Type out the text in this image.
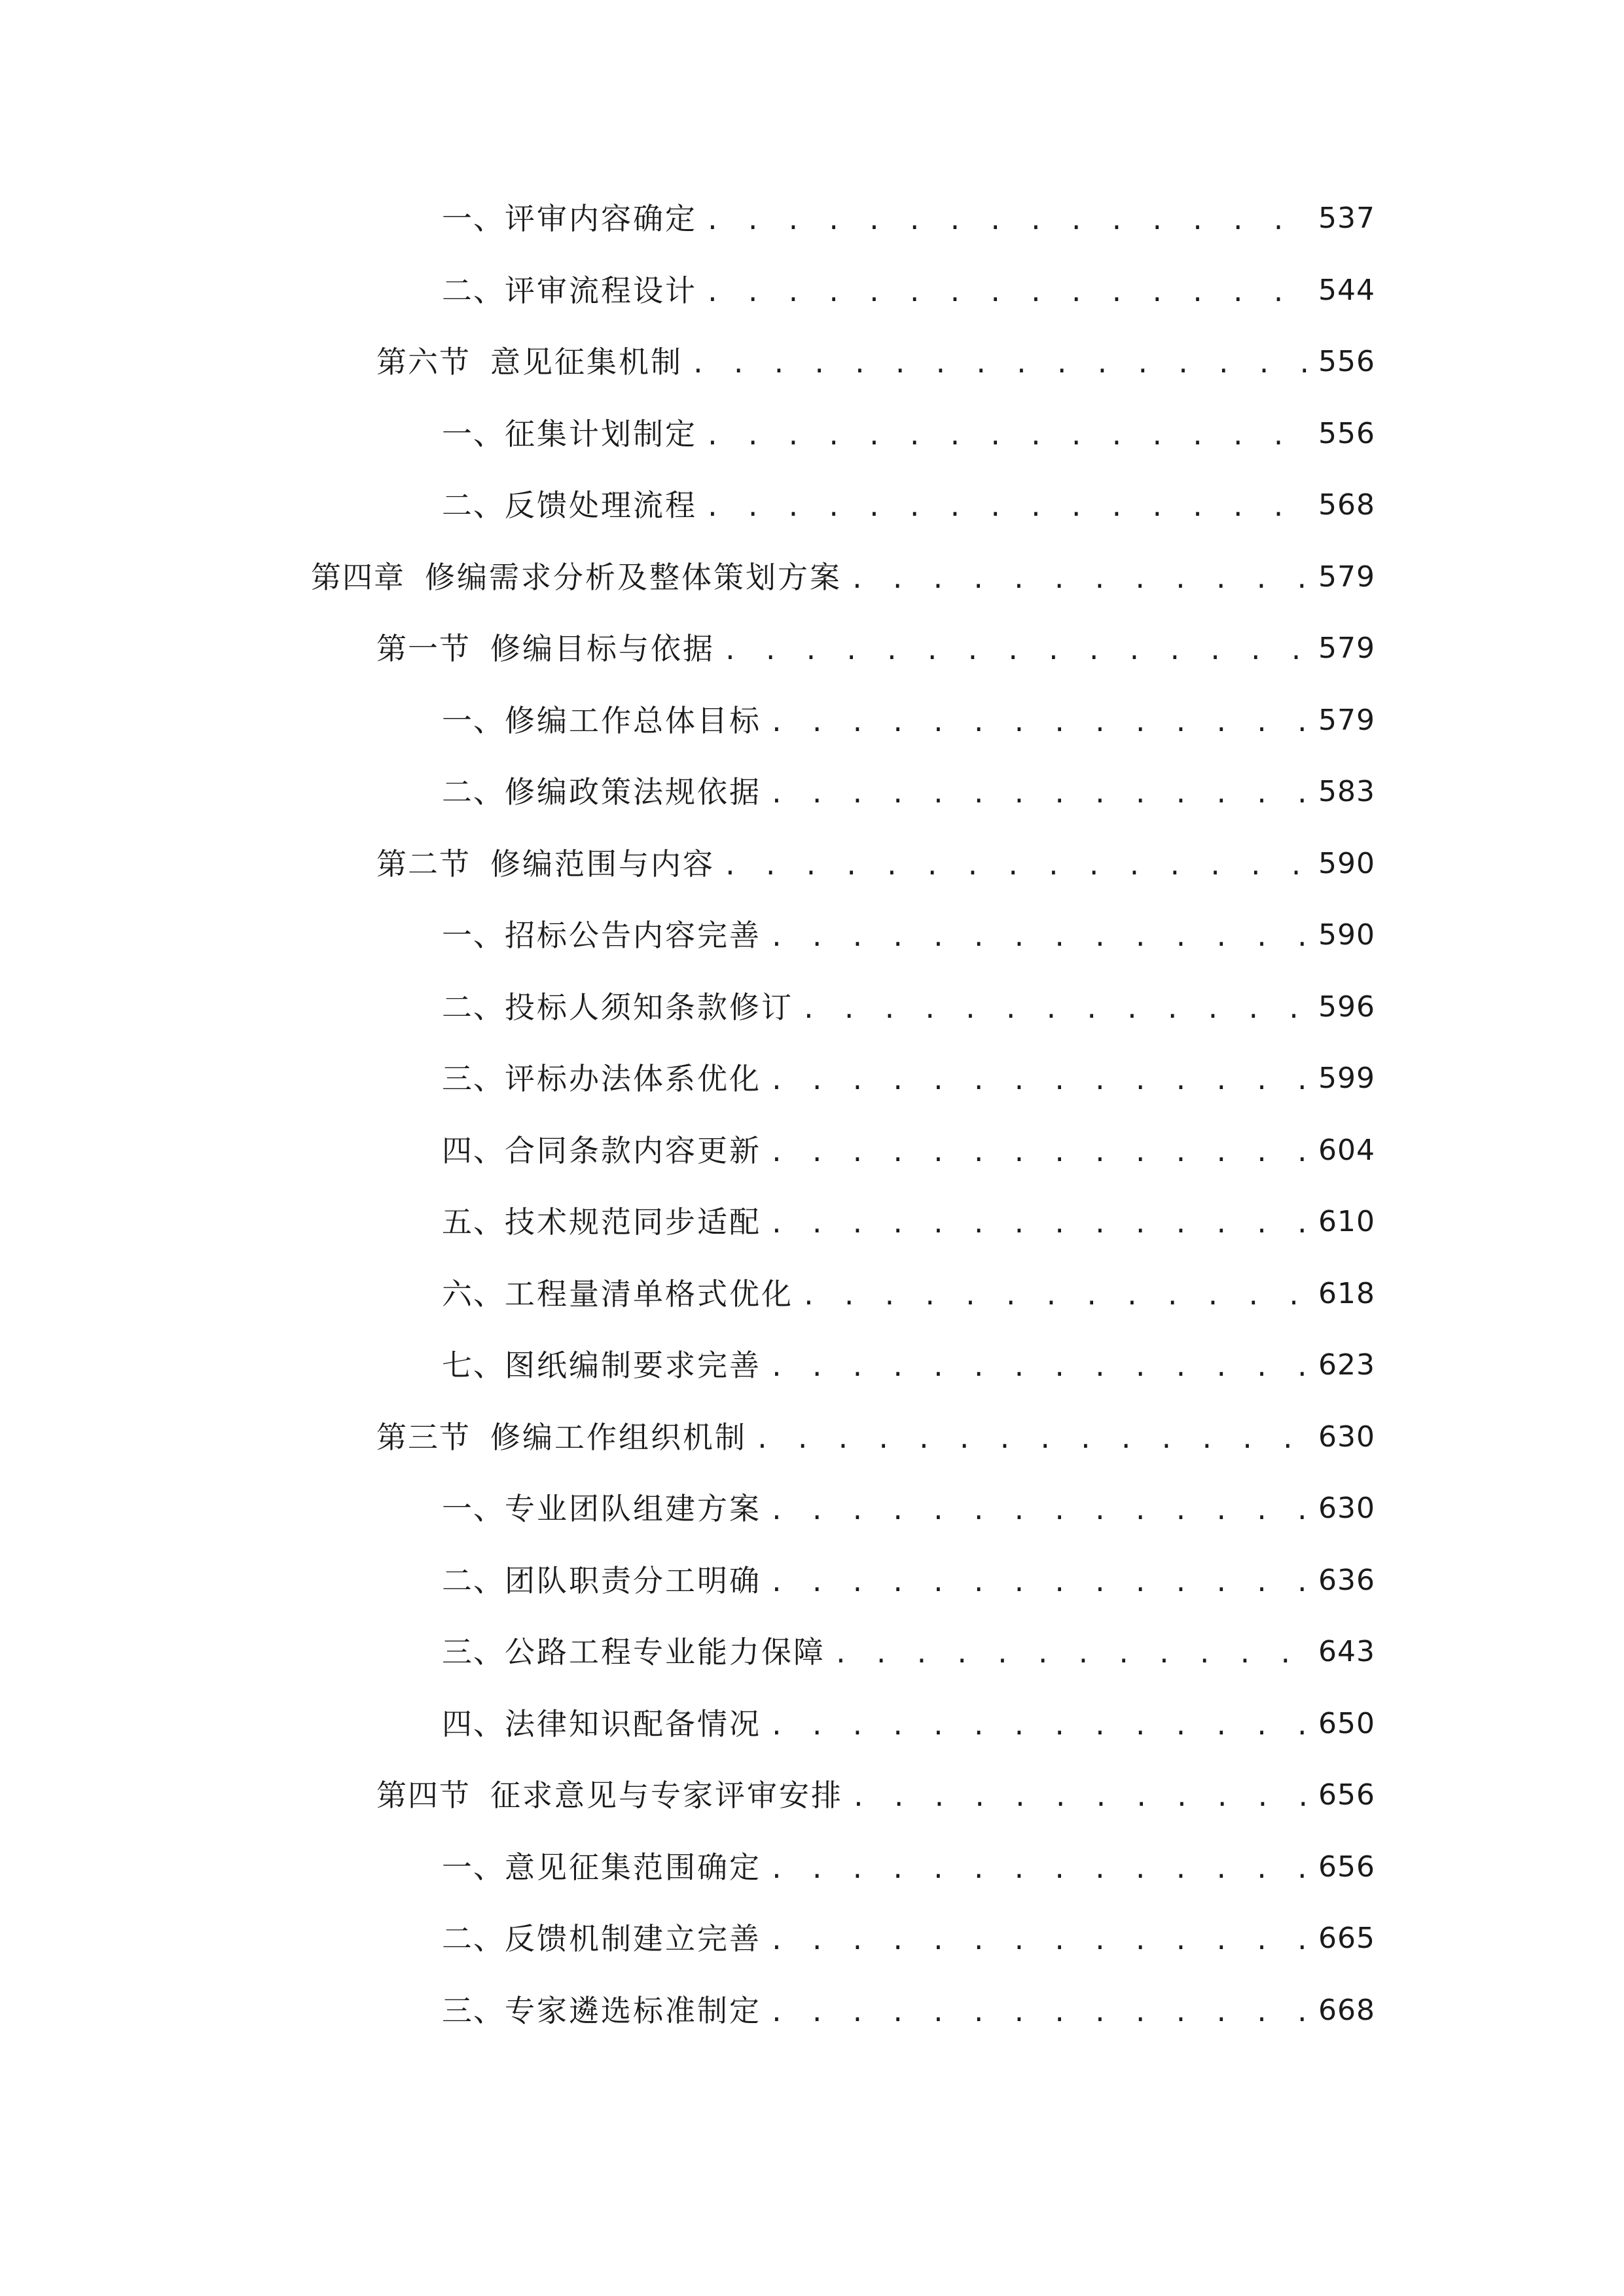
一、 评审内容确定 . . .	537
二、 评审流程设计 . . .	544
第六节 意见征集机制 . . .	556
一、 征集计划制定 . . .	556
二、 反馈处理流程 . . .	568
第四章 修编需求分析及整体策划方案 . . .	579
第一节 修编目标与依据 . . .	579
一、 修编工作总体目标 . . .	579
二、 修编政策法规依据 . . .	583
第二节 修编范围与内容 . . .	590
一、 招标公告内容完善 . . .	590
二、 投标人须知条款修订 . . .	596
三、 评标办法体系优化 . . .	599
四、 合同条款内容更新 . . .	604
五、 技术规范同步适配 . . .	610
六、 工程量清单格式优化 . . .	618
七、 图纸编制要求完善 . . .	623
第三节 修编工作组织机制 . . .	630
一、 专业团队组建方案 . . .	630
二、 团队职责分工明确 . . .	636
三、 公路工程专业能力保障 . . .	643
四、 法律知识配备情况 . . .	650
第四节 征求意见与专家评审安排 . . .	656
一、 意见征集范围确定 . . .	656
二、 反馈机制建立完善 . . .	665
三、 专家遴选标准制定 . . .	668
